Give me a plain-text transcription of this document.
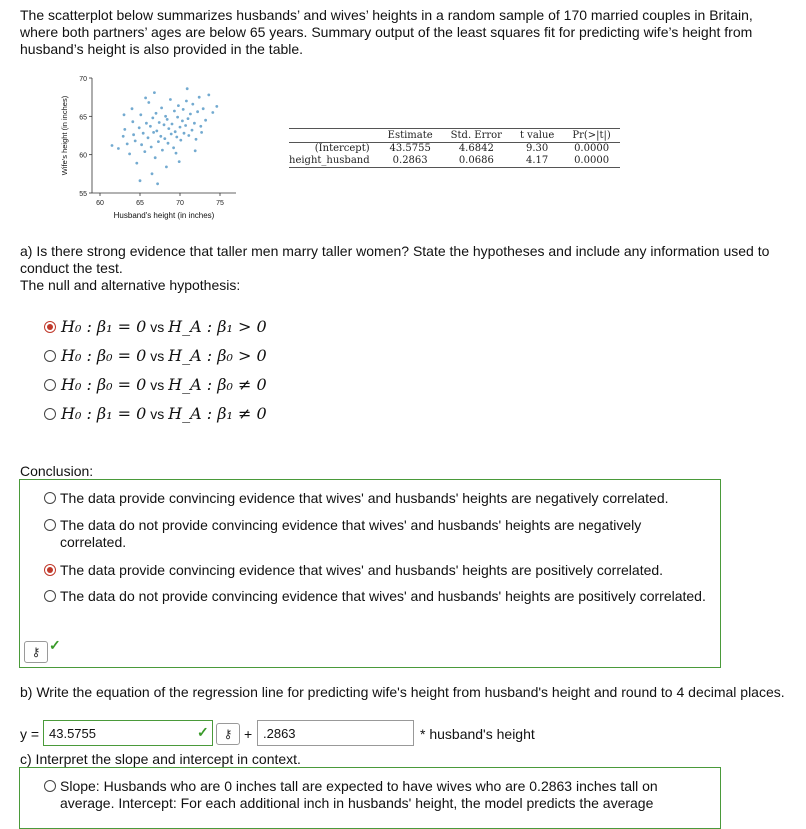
The scatterplot below summarizes husbands’ and wives’ heights in a random sample of 170 married couples in Britain, where both partners’ ages are below 65 years. Summary output of the least squares fit for predicting wife’s height from husband’s height is also provided in the table.
55
60
65
70
60	65	70	75
Husband's height (in inches)
Wife's height (in inches)
		Estimate	Std. Error	t value	Pr(>|t|)
(Intercept)	43.5755	4.6842	9.30	0.0000
height_husband	0.2863	0.0686	4.17	0.0000
a) Is there strong evidence that taller men marry taller women? State the hypotheses and include any information used to conduct the test.
The null and alternative hypothesis:
H₀ : β₁ = 0 vs H_A : β₁ > 0
H₀ : β₀ = 0 vs H_A : β₀ > 0
H₀ : β₀ = 0 vs H_A : β₀ ≠ 0
H₀ : β₁ = 0 vs H_A : β₁ ≠ 0
Conclusion:
The data provide convincing evidence that wives' and husbands' heights are negatively correlated.
The data do not provide convincing evidence that wives' and husbands' heights are negatively correlated.
The data provide convincing evidence that wives' and husbands' heights are positively correlated.
The data do not provide convincing evidence that wives' and husbands' heights are positively correlated.
⚷ ✓
b) Write the equation of the regression line for predicting wife's height from husband's height and round to 4 decimal places.
y = 43.5755	✓	⚷ + .2863	* husband's height
c) Interpret the slope and intercept in context.
Slope: Husbands who are 0 inches tall are expected to have wives who are 0.2863 inches tall on average. Intercept: For each additional inch in husbands' height, the model predicts the average
